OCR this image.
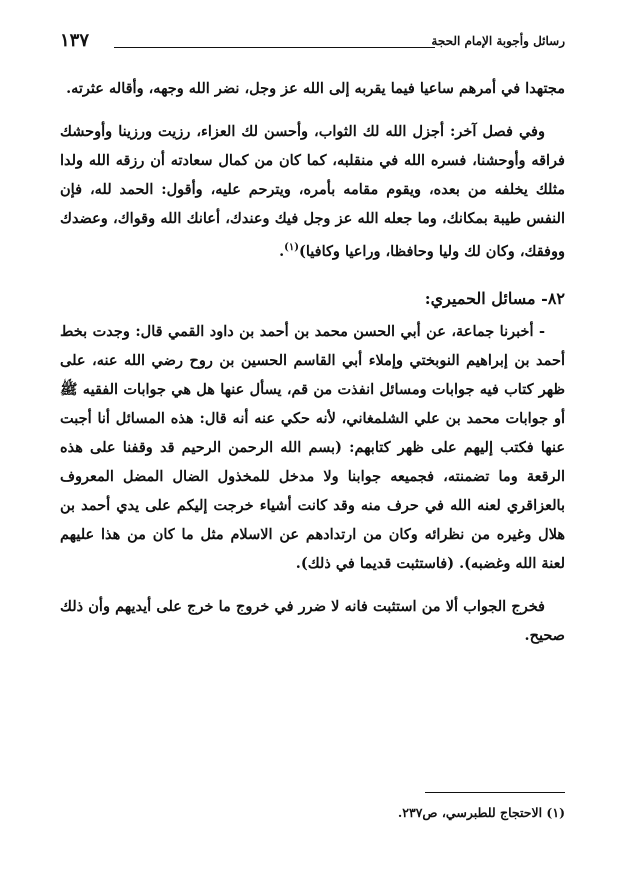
رسائل وأجوبة الإمام الحجة
١٣٧

مجتهدا في أمرهم ساعيا فيما يقربه إلى الله عز وجل، نضر الله وجهه، وأقاله عثرته.

وفي فصل آخر: أجزل الله لك الثواب، وأحسن لك العزاء، رزيت ورزينا وأوحشك فراقه وأوحشنا، فسره الله في منقلبه، كما كان من كمال سعادته أن رزقه الله ولدا مثلك يخلفه من بعده، ويقوم مقامه بأمره، ويترحم عليه، وأقول: الحمد لله، فإن النفس طيبة بمكانك، وما جعله الله عز وجل فيك وعندك، أعانك الله وقواك، وعضدك ووفقك، وكان لك وليا وحافظا، وراعيا وكافيا)$^{(١)}$.

٨٢- مسائل الحميري:

- أخبرنا جماعة، عن أبي الحسن محمد بن أحمد بن داود القمي قال: وجدت بخط أحمد بن إبراهيم النوبختي وإملاء أبي القاسم الحسين بن روح رضي الله عنه، على ظهر كتاب فيه جوابات ومسائل انفذت من قم، يسأل عنها هل هي جوابات الفقيه ﷺ أو جوابات محمد بن علي الشلمغاني، لأنه حكي عنه أنه قال: هذه المسائل أنا أجبت عنها فكتب إليهم على ظهر كتابهم: (بسم الله الرحمن الرحيم قد وقفنا على هذه الرقعة وما تضمنته، فجميعه جوابنا ولا مدخل للمخذول الضال المضل المعروف بالعزاقري لعنه الله في حرف منه وقد كانت أشياء خرجت إليكم على يدي أحمد بن هلال وغيره من نظرائه وكان من ارتدادهم عن الاسلام مثل ما كان من هذا عليهم لعنة الله وغضبه). (فاستثبت قديما في ذلك).

فخرج الجواب ألا من استثبت فانه لا ضرر في خروج ما خرج على أيديهم وأن ذلك صحيح.

(١) الاحتجاج للطبرسي، ص٢٣٧.
